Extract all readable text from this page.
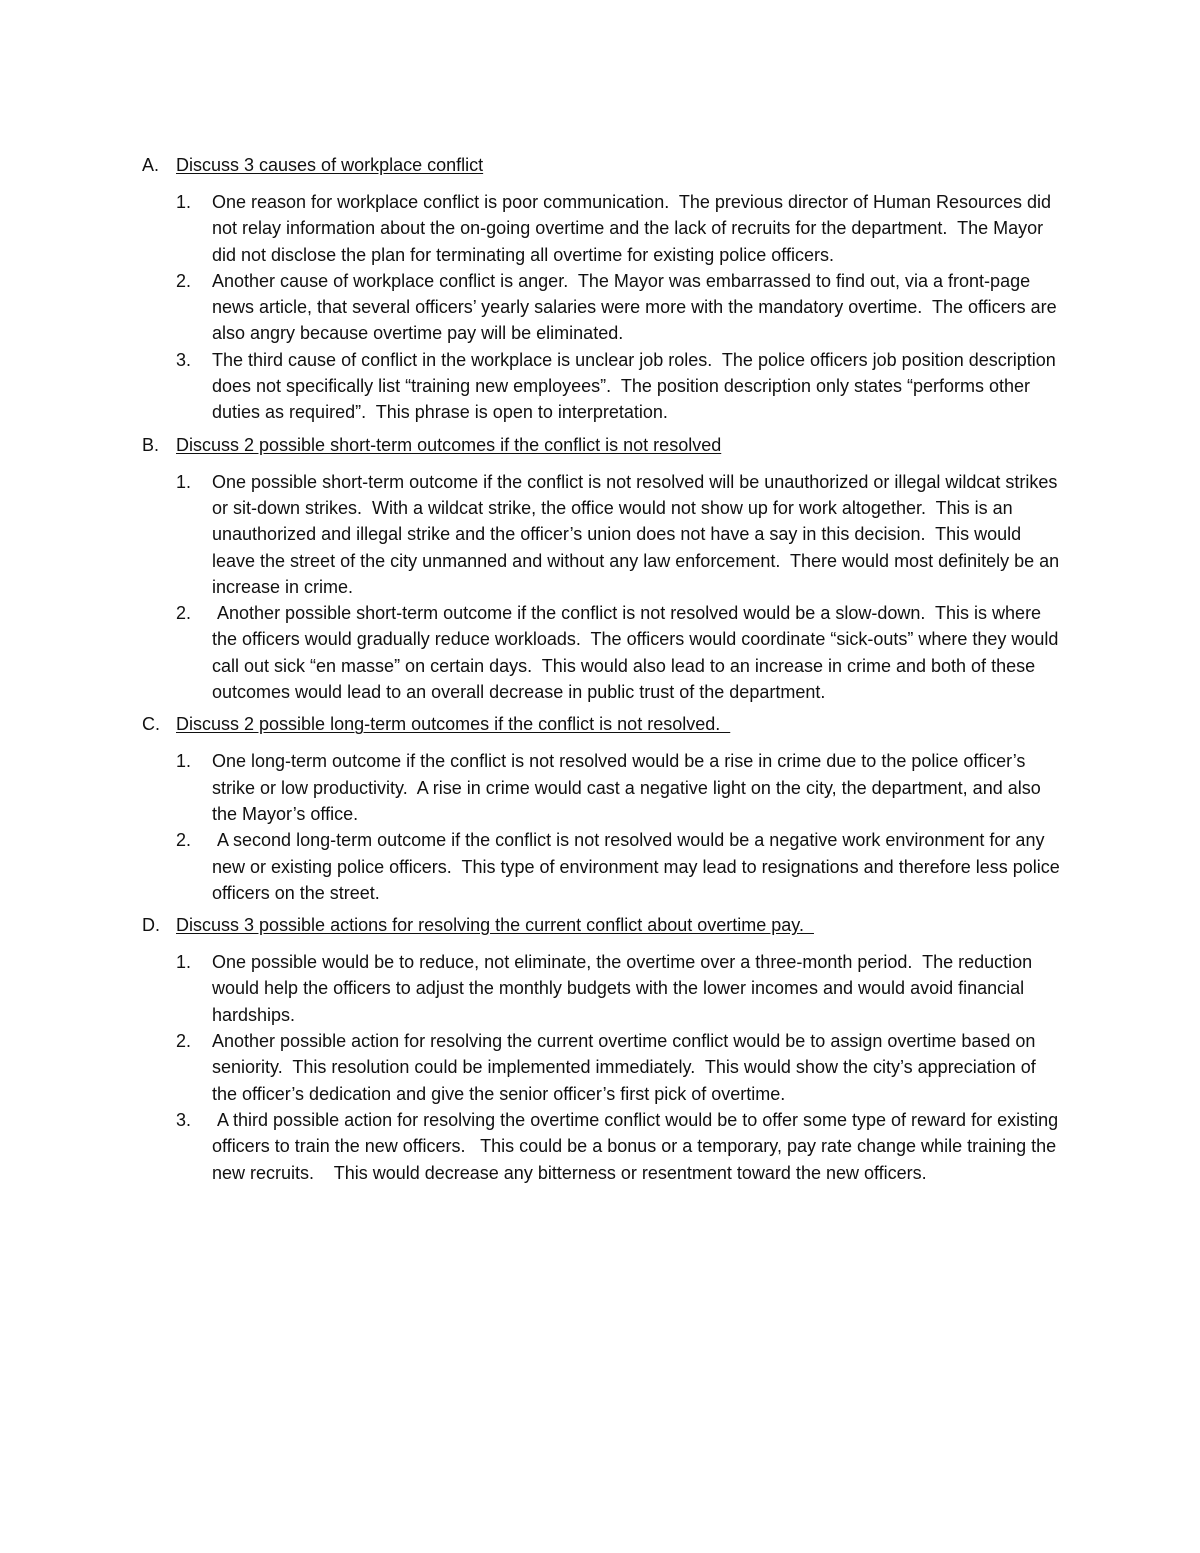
A. Discuss 3 causes of workplace conflict
1.	One reason for workplace conflict is poor communication.  The previous director of Human Resources did not relay information about the on-going overtime and the lack of recruits for the department.  The Mayor did not disclose the plan for terminating all overtime for existing police officers.
2.	Another cause of workplace conflict is anger.  The Mayor was embarrassed to find out, via a front-page news article, that several officers’ yearly salaries were more with the mandatory overtime.  The officers are also angry because overtime pay will be eliminated.
3.	The third cause of conflict in the workplace is unclear job roles.  The police officers job position description does not specifically list “training new employees”.  The position description only states “performs other duties as required”.  This phrase is open to interpretation.
B. Discuss 2 possible short-term outcomes if the conflict is not resolved
1.	One possible short-term outcome if the conflict is not resolved will be unauthorized or illegal wildcat strikes or sit-down strikes.  With a wildcat strike, the office would not show up for work altogether.  This is an unauthorized and illegal strike and the officer’s union does not have a say in this decision.  This would leave the street of the city unmanned and without any law enforcement.  There would most definitely be an increase in crime.
2.	Another possible short-term outcome if the conflict is not resolved would be a slow-down.  This is where the officers would gradually reduce workloads.  The officers would coordinate “sick-outs” where they would call out sick “en masse” on certain days.  This would also lead to an increase in crime and both of these outcomes would lead to an overall decrease in public trust of the department.
C. Discuss 2 possible long-term outcomes if the conflict is not resolved.
1.	One long-term outcome if the conflict is not resolved would be a rise in crime due to the police officer’s strike or low productivity.  A rise in crime would cast a negative light on the city, the department, and also the Mayor’s office.
2.	A second long-term outcome if the conflict is not resolved would be a negative work environment for any new or existing police officers.  This type of environment may lead to resignations and therefore less police officers on the street.
D. Discuss 3 possible actions for resolving the current conflict about overtime pay.
1.	One possible would be to reduce, not eliminate, the overtime over a three-month period.  The reduction would help the officers to adjust the monthly budgets with the lower incomes and would avoid financial hardships.
2.	Another possible action for resolving the current overtime conflict would be to assign overtime based on seniority.  This resolution could be implemented immediately.  This would show the city’s appreciation of the officer’s dedication and give the senior officer’s first pick of overtime.
3.	A third possible action for resolving the overtime conflict would be to offer some type of reward for existing officers to train the new officers.   This could be a bonus or a temporary, pay rate change while training the new recruits.    This would decrease any bitterness or resentment toward the new officers.
